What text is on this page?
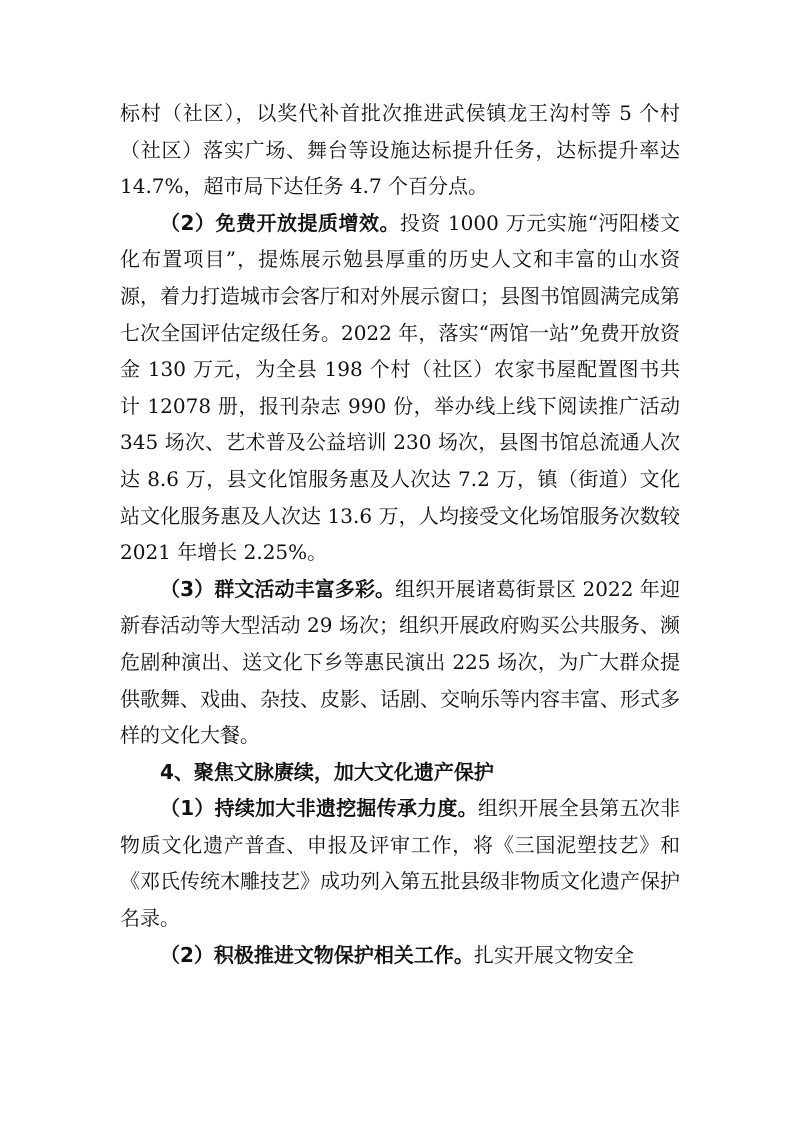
标村（社区），以奖代补首批次推进武侯镇龙王沟村等 5 个村（社区）落实广场、舞台等设施达标提升任务，达标提升率达 14.7%，超市局下达任务 4.7 个百分点。

（2）免费开放提质增效。投资 1000 万元实施“沔阳楼文化布置项目”，提炼展示勉县厚重的历史人文和丰富的山水资源，着力打造城市会客厅和对外展示窗口；县图书馆圆满完成第七次全国评估定级任务。2022 年，落实“两馆一站”免费开放资金 130 万元，为全县 198 个村（社区）农家书屋配置图书共计 12078 册，报刊杂志 990 份，举办线上线下阅读推广活动 345 场次、艺术普及公益培训 230 场次，县图书馆总流通人次达 8.6 万，县文化馆服务惠及人次达 7.2 万，镇（街道）文化站文化服务惠及人次达 13.6 万，人均接受文化场馆服务次数较 2021 年增长 2.25%。

（3）群文活动丰富多彩。组织开展诸葛街景区 2022 年迎新春活动等大型活动 29 场次；组织开展政府购买公共服务、濒危剧种演出、送文化下乡等惠民演出 225 场次，为广大群众提供歌舞、戏曲、杂技、皮影、话剧、交响乐等内容丰富、形式多样的文化大餐。

4、聚焦文脉赓续，加大文化遗产保护

（1）持续加大非遗挖掘传承力度。组织开展全县第五次非物质文化遗产普查、申报及评审工作，将《三国泥塑技艺》和《邓氏传统木雕技艺》成功列入第五批县级非物质文化遗产保护名录。

（2）积极推进文物保护相关工作。扎实开展文物安全
